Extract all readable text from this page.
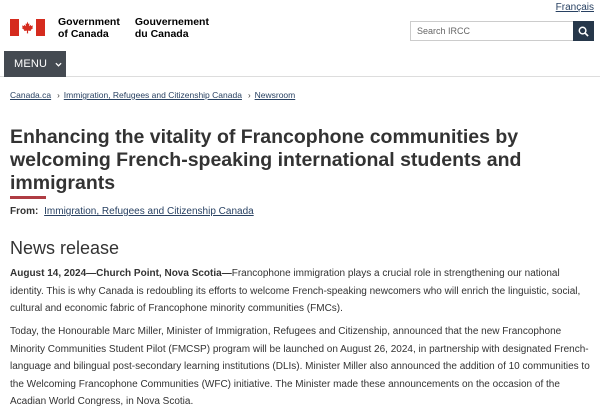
Français
Government
of Canada
Gouvernement
du Canada
Search IRCC
MENU
Canada.ca › Immigration, Refugees and Citizenship Canada › Newsroom
Enhancing the vitality of Francophone communities by welcoming French-speaking international students and immigrants
From: Immigration, Refugees and Citizenship Canada
News release

August 14, 2024—Church Point, Nova Scotia—Francophone immigration plays a crucial role in strengthening our national identity. This is why Canada is redoubling its efforts to welcome French-speaking newcomers who will enrich the linguistic, social, cultural and economic fabric of Francophone minority communities (FMCs).

Today, the Honourable Marc Miller, Minister of Immigration, Refugees and Citizenship, announced that the new Francophone Minority Communities Student Pilot (FMCSP) program will be launched on August 26, 2024, in partnership with designated French-language and bilingual post-secondary learning institutions (DLIs). Minister Miller also announced the addition of 10 communities to the Welcoming Francophone Communities (WFC) initiative. The Minister made these announcements on the occasion of the Acadian World Congress, in Nova Scotia.
